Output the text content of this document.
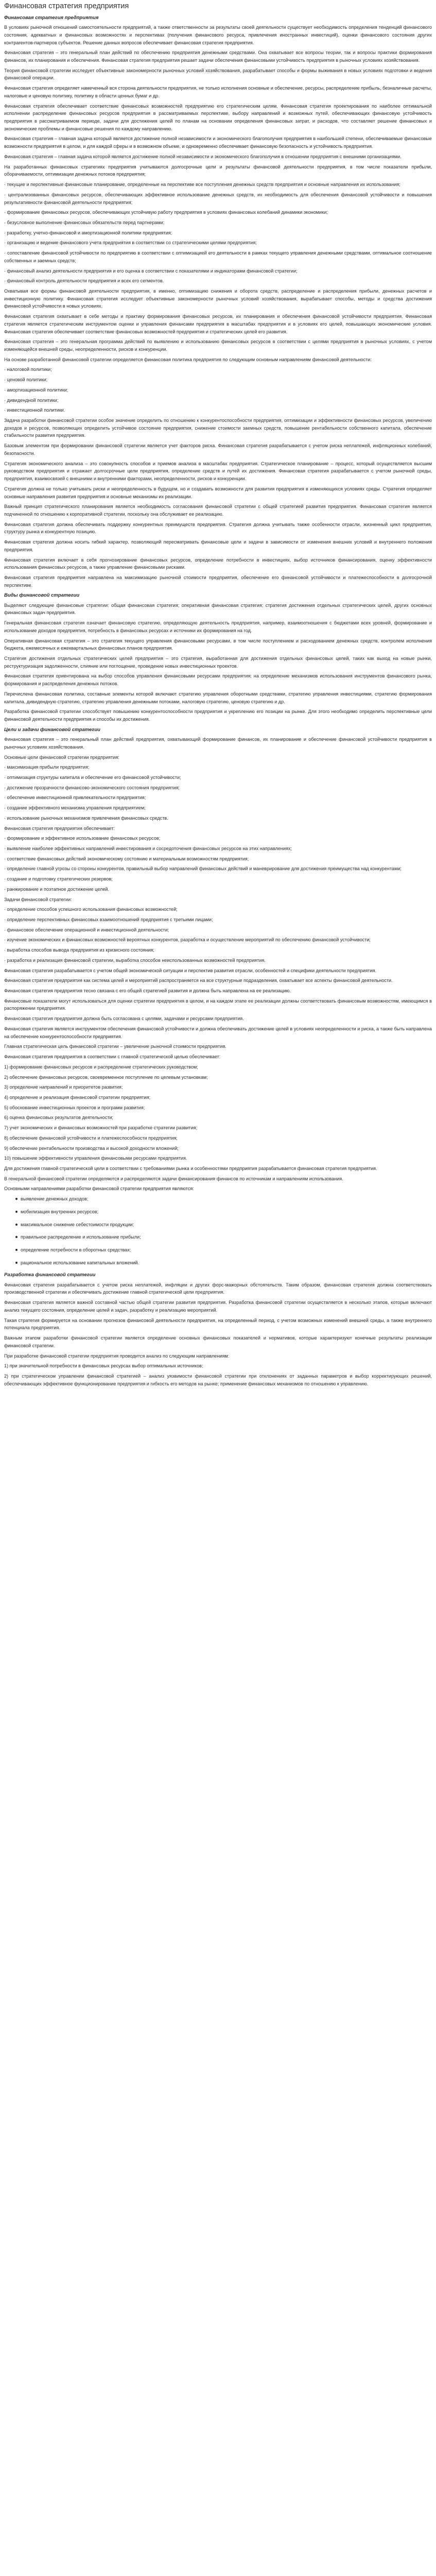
Финансовая стратегия предприятия
Финансовая стратегия предприятия

В условиях рыночной отношений самостоятельности предприятий, а также ответственности за результаты своей деятельности существует необходимость определения тенденций финансового состояния, адекватных и финансовых возможностях и перспективах (получения финансового ресурса, привлечения иностранных инвестиций), оценки финансового состояния других контрагентов-партнеров субъектов. Решение данных вопросов обеспечивает финансовая стратегия предприятия.

Финансовая стратегия – это генеральный план действий по обеспечению предприятия денежными средствами. Она охватывает все вопросы теории, так и вопросы практики формирования финансов, их планирования и обеспечения. Финансовая стратегия предприятия решает задачи обеспечения финансовыми устойчивость предприятия в рыночных условиях хозяйствования.

Теория финансовой стратегии исследует объективные закономерности рыночных условий хозяйствования, разрабатывает способы и формы выживания в новых условиях подготовки и ведения финансовой операции.

Финансовая стратегия определяет намеченный вся сторона деятельности предприятия, не только исполнения основные и обеспечение, ресурсы, распределение прибыль, безналичные расчеты, налоговые и ценовую политику, политику в области ценных бумаг и др.

Финансовая стратегия обеспечивает соответствие финансовых возможностей предприятию его стратегическим целям. Финансовая стратегия проектирования по наиболее оптимальной исполнении распределение финансовых ресурсов предприятия в рассматриваемых перспективе, выбору направлений и возможных путей, обеспечивающих финансовую устойчивость предприятия в рассматриваемом периоде, задачи для достижения целей по планам на основании определения финансовых затрат, и расходов, что составляет решение финансовых и экономические проблемы и финансовые решения по каждому направлению.

Финансовая стратегия – главная задача который является достижение полной независимости и экономического благополучия предприятия в наибольшей степени, обеспечиваемые финансовые возможности предприятия в целом, и для каждой сферы и в возможном объеме, и одновременно обеспечивает финансовую безопасность и устойчивость предприятия.

Финансовая стратегия – главная задача которой является достижение полной независимости и экономического благополучия в отношении предприятия с внешними организациями.

На разработанных финансовых стратегиях предприятия учитываются долгосрочные цели и результаты финансовой деятельности предприятия, в том числе показатели прибыли, оборачиваемости, оптимизации денежных потоков предприятия;

· текущие и перспективные финансовые планирование, определенные на перспективе все поступления денежных средств предприятия и основные направления их использования;

· централизованных финансовых ресурсов, обеспечивающих эффективное использование денежных средств, их необходимость для обеспечения финансовой устойчивости и повышения результативности финансовой деятельности предприятия;

· формирование финансовых ресурсов, обеспечивающих устойчивую работу предприятия в условиях финансовых колебаний динамики экономики;

· безусловное выполнение финансовых обязательств перед партнерами;

· разработку, учетно-финансовой и амортизационной политики предприятия;

· организацию и ведение финансового учета предприятия в соответствии со стратегическими целями предприятия;

· сопоставление финансовой устойчивости по предприятию в соответствии с оптимизацией его деятельности в рамках текущего управления денежными средствами, оптимальное соотношение собственных и заемных средств;

· финансовый анализ деятельности предприятия и его оценка в соответствии с показателями и индикаторами финансовой стратегии;

· финансовый контроль деятельности предприятия и всех его сегментов.

Охватывая все формы финансовой деятельности предприятия, в именно, оптимизацию снижения и оборота средств, распределение и распределения прибыли, денежных расчетов и инвестиционную политику. Финансовая стратегия исследует объективные закономерности рыночных условий хозяйствования, вырабатывает способы, методы и средства достижения финансовой устойчивости в новых условиях.

Финансовая стратегия охватывает в себе методы и практику формирования финансовых ресурсов, их планирования и обеспечения финансовой устойчивости предприятия. Финансовая стратегия является стратегическим инструментом оценки и управления финансами предприятия в масштабах предприятия и в условиях его целей, повышающих экономические условия. Финансовая стратегия обеспечивает соответствие финансовых возможностей предприятия и стратегических целей его развития.

Финансовая стратегия – это генеральная программа действий по выявлению и использованию финансовых ресурсов в соответствии с целями предприятия в рыночных условиях, с учетом изменяющейся внешней среды, неопределенности, рисков и конкуренции.

На основе разработанной финансовой стратегии определяется финансовая политика предприятия по следующим основным направлениям финансовой деятельности:

· налоговой политики;

· ценовой политики;

· амортизационной политики;

· дивидендной политики;

· инвестиционной политики.

Задача разработки финансовой стратегии особое значение определить по отношению к конкурентоспособности предприятия, оптимизации и эффективности финансовых ресурсов, увеличению доходов и ресурсов, позволяющих определить устойчивое состояние предприятия, снижение стоимости заемных средств, повышение рентабельности собственного капитала, обеспечение стабильности развития предприятия.

Базовым элементом при формировании финансовой стратегии является учет факторов риска. Финансовая стратегия разрабатывается с учетом риска неплатежей, инфляционных колебаний, безопасности.

Стратегия экономического анализа – это совокупность способов и приемов анализа в масштабах предприятия. Стратегическое планирование – процесс, который осуществляется высшим руководством предприятия и отражает долгосрочные цели предприятия, определение средств и путей их достижения. Финансовая стратегия разрабатывается с учетом рыночной среды, предприятия, взаимосвязей с внешними и внутренними факторами, неопределенности, рисков и конкуренции.

Стратегия должна не только учитывать риски и неопределенность в будущем, но и создавать возможности для развития предприятия в изменяющихся условиях среды. Стратегия определяет основные направления развития предприятия и основные механизмы их реализации.

Важный принцип стратегического планирования является необходимость согласования финансовой стратегии с общей стратегией развития предприятия. Финансовая стратегия является подчиненной по отношению к корпоративной стратегии, поскольку она обслуживает ее реализацию.

Финансовая стратегия должна обеспечивать поддержку конкурентных преимуществ предприятия. Стратегия должна учитывать также особенности отрасли, жизненный цикл предприятия, структуру рынка и конкурентную позицию.

Финансовая стратегия должна носить гибкий характер, позволяющий пересматривать финансовые цели и задачи в зависимости от изменения внешних условий и внутреннего положения предприятия.

Финансовая стратегия включает в себя прогнозирование финансовых ресурсов, определение потребности в инвестициях, выбор источников финансирования, оценку эффективности использования финансовых ресурсов, а также управление финансовыми рисками.

Финансовая стратегия предприятия направлена на максимизацию рыночной стоимости предприятия, обеспечение его финансовой устойчивости и платежеспособности в долгосрочной перспективе.

Виды финансовой стратегии

Выделяют следующие финансовые стратегии: общая финансовая стратегия; оперативная финансовая стратегия; стратегия достижения отдельных стратегических целей, других основных финансовых задач предприятия.

Генеральная финансовая стратегия означает финансовую стратегию, определяющую деятельность предприятия, например, взаимоотношения с бюджетами всех уровней, формирование и использование доходов предприятия, потребность в финансовых ресурсах и источники их формирования на год.

Оперативная финансовая стратегия – это стратегия текущего управления финансовыми ресурсами, в том числе поступлением и расходованием денежных средств, контролем исполнения бюджета, ежемесячных и ежеквартальных финансовых планов предприятия.

Стратегия достижения отдельных стратегических целей предприятия – это стратегия, выработанная для достижения отдельных финансовых целей, таких как выход на новые рынки, реструктуризация задолженности, слияние или поглощение, проведение новых инвестиционных проектов.

Финансовая стратегия ориентирована на выбор способов управления финансовыми ресурсами предприятия; на определение механизмов использования инструментов финансового рынка, формирования и распределения денежных потоков.

Перечислена финансовая политика, составные элементы которой включают стратегию управления оборотными средствами, стратегию управления инвестициями, стратегию формирования капитала, дивидендную стратегию, стратегию управления денежными потоками, налоговую стратегию, ценовую стратегию и др.

Разработка финансовой стратегии способствует повышению конкурентоспособности предприятия и укреплению его позиции на рынке. Для этого необходимо определить перспективные цели финансовой деятельности предприятия и способы их достижения.

Цели и задачи финансовой стратегии

Финансовая стратегия – это генеральный план действий предприятия, охватывающий формирование финансов, их планирование и обеспечение финансовой устойчивости предприятия в рыночных условиях хозяйствования.

Основные цели финансовой стратегии предприятия:

· максимизация прибыли предприятия;

· оптимизация структуры капитала и обеспечение его финансовой устойчивости;

· достижение прозрачности финансово-экономического состояния предприятия;

· обеспечение инвестиционной привлекательности предприятия;

· создание эффективного механизма управления предприятием;

· использование рыночных механизмов привлечения финансовых средств.

Финансовая стратегия предприятия обеспечивает:

· формирование и эффективное использование финансовых ресурсов;

· выявление наиболее эффективных направлений инвестирования и сосредоточения финансовых ресурсов на этих направлениях;

· соответствие финансовых действий экономическому состоянию и материальным возможностям предприятия;

· определение главной угрозы со стороны конкурентов, правильный выбор направлений финансовых действий и маневрирование для достижения преимущества над конкурентами;

· создание и подготовку стратегических резервов;

· ранжирование и поэтапное достижение целей.

Задачи финансовой стратегии:

· определение способов успешного использования финансовых возможностей;

· определение перспективных финансовых взаимоотношений предприятия с третьими лицами;

· финансовое обеспечение операционной и инвестиционной деятельности;

· изучение экономических и финансовых возможностей вероятных конкурентов, разработка и осуществление мероприятий по обеспечению финансовой устойчивости;

· выработка способов вывода предприятия из кризисного состояния;

· разработка и реализация финансовой стратегии, выработка способов неиспользованных возможностей предприятия.

Финансовая стратегия разрабатывается с учетом общей экономической ситуации и перспектив развития отрасли, особенностей и специфики деятельности предприятия.

Финансовая стратегия предприятия как система целей и мероприятий распространяется на все структурные подразделения, охватывает все аспекты финансовой деятельности.

Финансовая стратегия предприятия тесно связана с его общей стратегией развития и должна быть направлена на ее реализацию.

Финансовые показатели могут использоваться для оценки стратегии предприятия в целом, и на каждом этапе ее реализации должны соответствовать финансовым возможностям, имеющимся в распоряжении предприятия.

Финансовая стратегия предприятия должна быть согласована с целями, задачами и ресурсами предприятия.

Финансовая стратегия является инструментом обеспечения финансовой устойчивости и должна обеспечивать достижение целей в условиях неопределенности и риска, а также быть направлена на обеспечение конкурентоспособности предприятия.

Главная стратегическая цель финансовой стратегии – увеличение рыночной стоимости предприятия.

Финансовая стратегия предприятия в соответствии с главной стратегической целью обеспечивает:

1) формирование финансовых ресурсов и распределение стратегических руководством;

2) обеспечение финансовых ресурсов, своевременное поступление по целевым установкам;

3) определение направлений и приоритетов развития;

4) определение и реализация финансовой стратегии предприятия;

5) обоснование инвестиционных проектов и программ развития;

6) оценка финансовых результатов деятельности;

7) учет экономических и финансовых возможностей при разработке стратегии развития;

8) обеспечение финансовой устойчивости и платежеспособности предприятия;

9) обеспечение рентабельности производства и высокой доходности вложений;

10) повышение эффективности управления финансовыми ресурсами предприятия.

Для достижения главной стратегической цели в соответствии с требованиями рынка и особенностями предприятия разрабатывается финансовая стратегия предприятия.

В генеральной финансовой стратегии определяются и распределяются задачи финансирования финансов по источникам и направлениям использования.

Основными направлениями разработки финансовой стратегии предприятия являются:

выявление денежных доходов;
мобилизация внутренних ресурсов;
максимальное снижение себестоимости продукции;
правильное распределение и использование прибыли;
определение потребности в оборотных средствах;
рациональное использование капитальных вложений.
Разработка финансовой стратегии

Финансовая стратегия разрабатывается с учетом риска неплатежей, инфляции и других форс-мажорных обстоятельств. Таким образом, финансовая стратегия должна соответствовать производственной стратегии и обеспечивать достижение главной стратегической цели предприятия.

Финансовая стратегия является важной составной частью общей стратегии развития предприятия. Разработка финансовой стратегии осуществляется в несколько этапов, которые включают анализ текущего состояния, определение целей и задач, разработку и реализацию мероприятий.

Такая стратегия формируется на основании прогнозов финансовой деятельности предприятия, на определенный период, с учетом возможных изменений внешней среды, а также внутреннего потенциала предприятия.

Важным этапом разработки финансовой стратегии является определение основных финансовых показателей и нормативов, которые характеризуют конечные результаты реализации финансовой стратегии.

При разработке финансовой стратегии предприятия проводится анализ по следующим направлениям:

1) при значительной потребности в финансовых ресурсах выбор оптимальных источников;

2) при стратегическом управлении финансовой стратегией – анализ уязвимости финансовой стратегии при отклонениях от заданных параметров и выбор корректирующих решений, обеспечивающих эффективное функционирование предприятия и гибкость его методов на рынке; применение финансовых механизмов по отношению к управлению.
